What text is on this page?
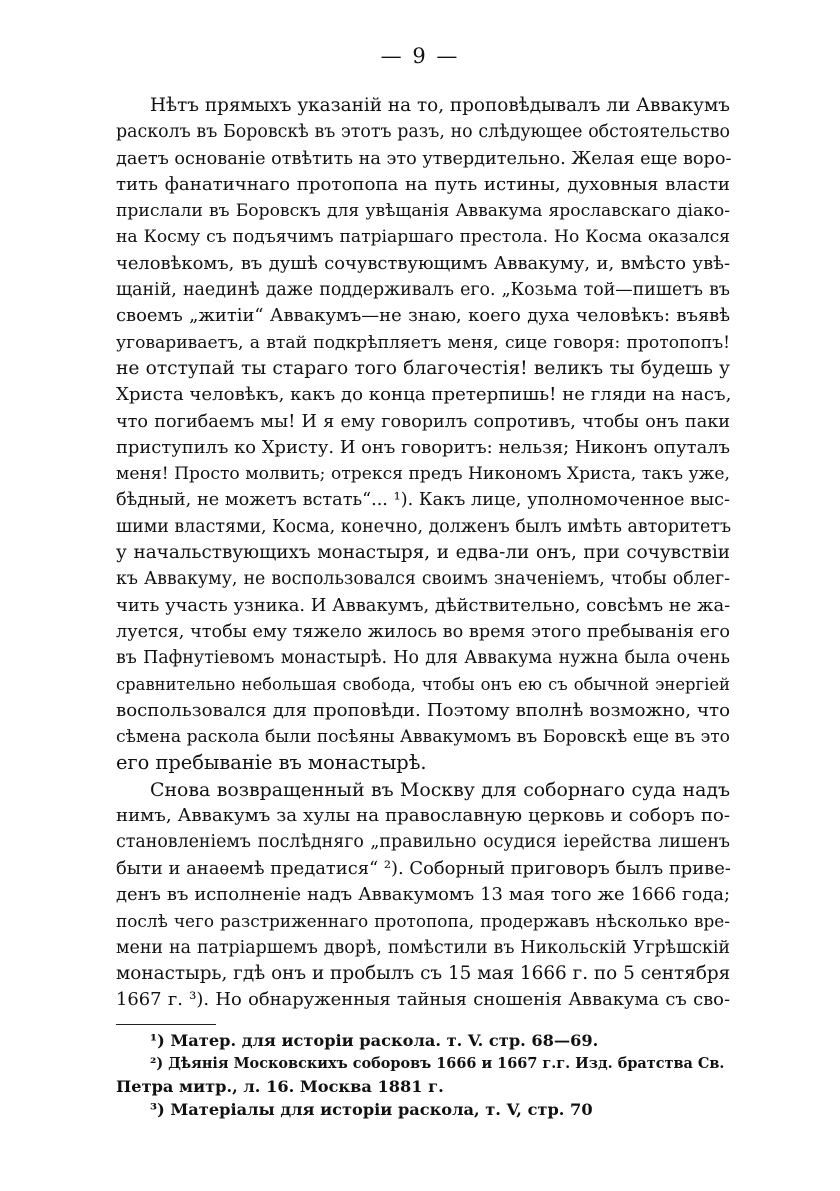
— 9 —
Нѣтъ прямыхъ указаній на то, проповѣдывалъ ли Аввакумъ
расколъ въ Боровскѣ въ этотъ разъ, но слѣдующее обстоятельство
даетъ основаніе отвѣтить на это утвердительно. Желая еще воро-
тить фанатичнаго протопопа на путь истины, духовныя власти
прислали въ Боровскъ для увѣщанія Аввакума ярославскаго діако-
на Косму съ подъячимъ патріаршаго престола. Но Косма оказался
человѣкомъ, въ душѣ сочувствующимъ Аввакуму, и, вмѣсто увѣ-
щаній, наединѣ даже поддерживалъ его. „Козьма той—пишетъ въ
своемъ „житіи“ Аввакумъ—не знаю, коего духа человѣкъ: въявѣ
уговариваетъ, а втай подкрѣпляетъ меня, сице говоря: протопопъ!
не отступай ты стараго того благочестія! великъ ты будешь у
Христа человѣкъ, какъ до конца претерпишь! не гляди на насъ,
что погибаемъ мы! И я ему говорилъ сопротивъ, чтобы онъ паки
приступилъ ко Христу. И онъ говоритъ: нельзя; Никонъ опуталъ
меня! Просто молвить; отрекся предъ Никономъ Христа, такъ уже,
бѣдный, не можетъ встать“... ¹). Какъ лице, уполномоченное выс-
шими властями, Косма, конечно, долженъ былъ имѣть авторитетъ
у начальствующихъ монастыря, и едва-ли онъ, при сочувствіи
къ Аввакуму, не воспользовался своимъ значеніемъ, чтобы облег-
чить участь узника. И Аввакумъ, дѣйствительно, совсѣмъ не жа-
луется, чтобы ему тяжело жилось во время этого пребыванія его
въ Пафнутіевомъ монастырѣ. Но для Аввакума нужна была очень
сравнительно небольшая свобода, чтобы онъ ею съ обычной энергіей
воспользовался для проповѣди. Поэтому вполнѣ возможно, что
сѣмена раскола были посѣяны Аввакумомъ въ Боровскѣ еще въ это
его пребываніе въ монастырѣ.
Снова возвращенный въ Москву для соборнаго суда надъ
нимъ, Аввакумъ за хулы на православную церковь и соборъ по-
становленіемъ послѣдняго „правильно осудися іерейства лишенъ
быти и анаѳемѣ предатися“ ²). Соборный приговоръ былъ приве-
денъ въ исполненіе надъ Аввакумомъ 13 мая того же 1666 года;
послѣ чего разстриженнаго протопопа, продержавъ нѣсколько вре-
мени на патріаршемъ дворѣ, помѣстили въ Никольскій Угрѣшскій
монастырь, гдѣ онъ и пробылъ съ 15 мая 1666 г. по 5 сентября
1667 г. ³). Но обнаруженныя тайныя сношенія Аввакума съ сво-
¹) Матер. для исторіи раскола. т. V. стр. 68—69.
²) Дѣянія Московскихъ соборовъ 1666 и 1667 г.г. Изд. братства Св.
Петра митр., л. 16. Москва 1881 г.
³) Матеріалы для исторіи раскола, т. V, стр. 70
